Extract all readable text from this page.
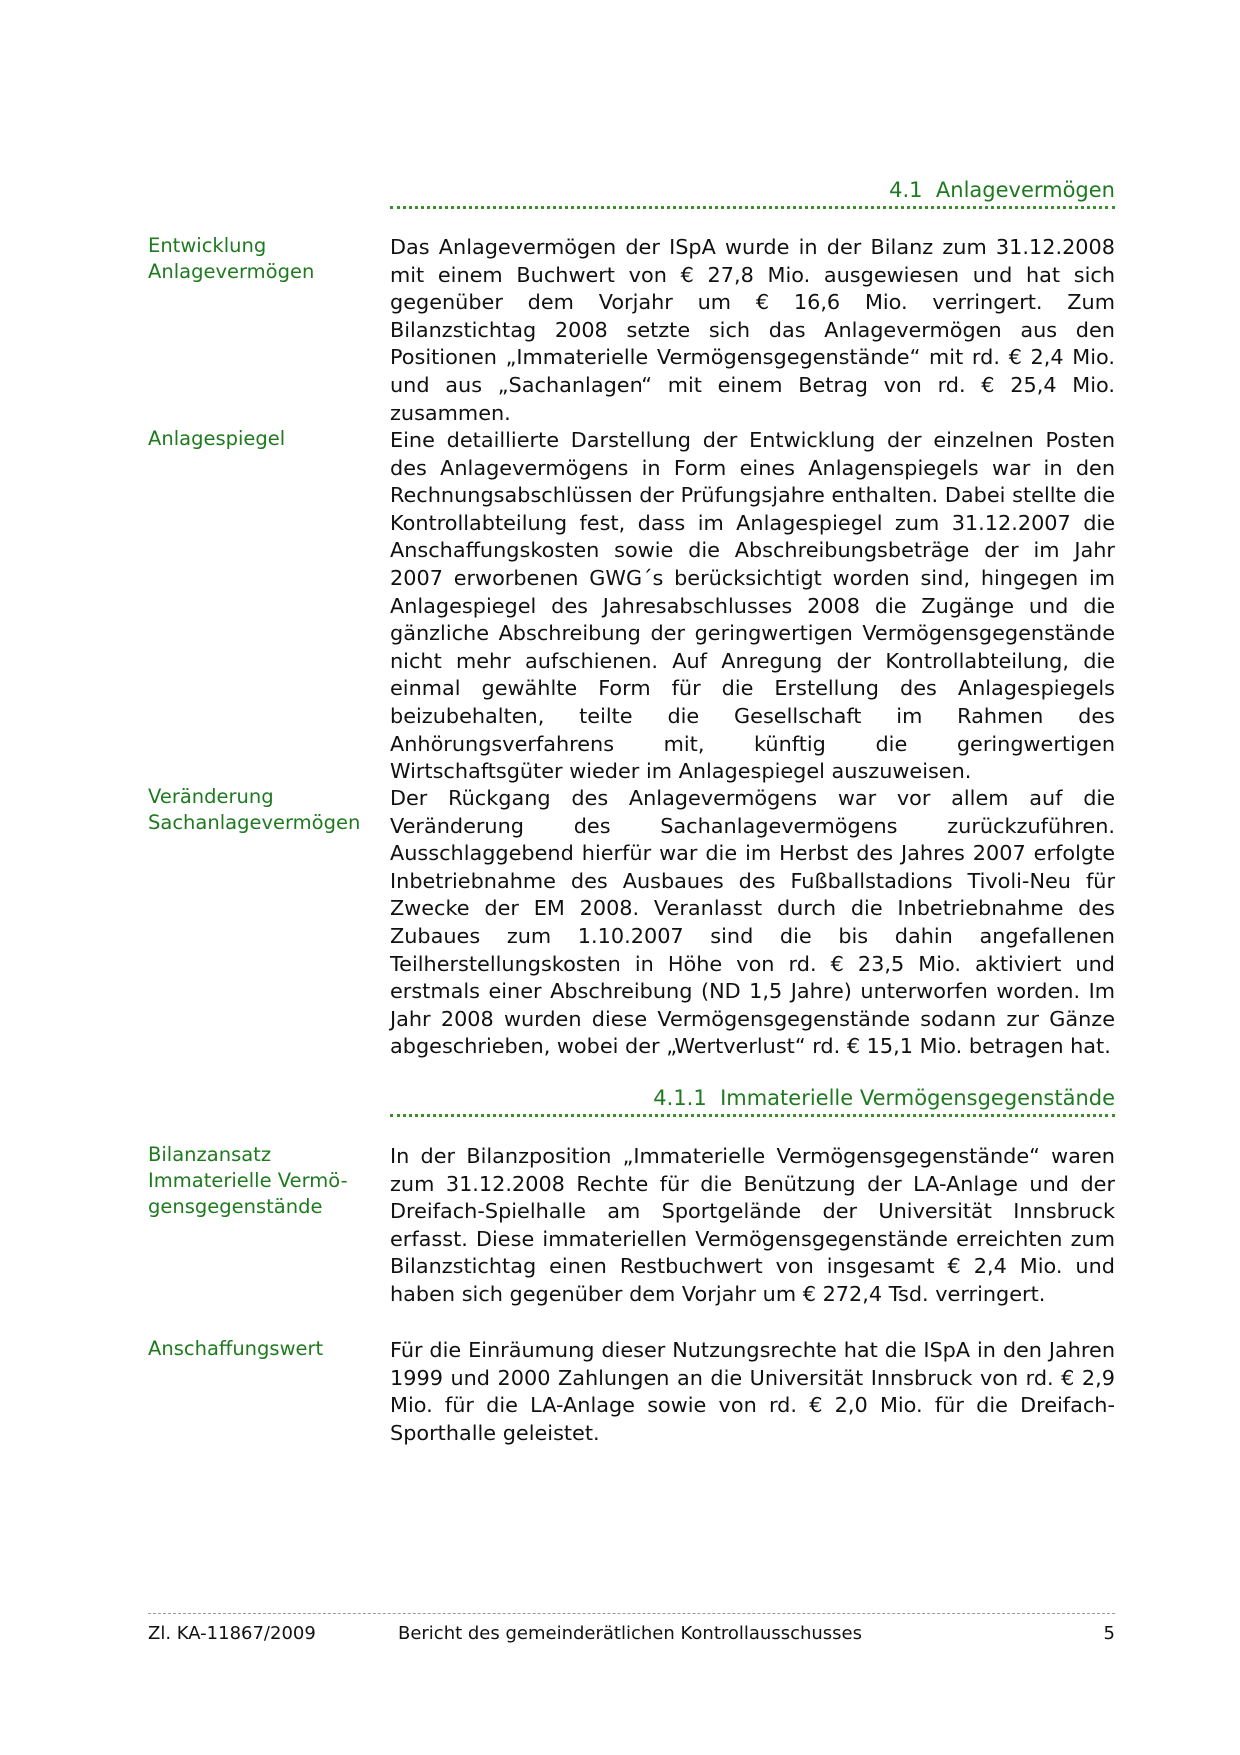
4.1 Anlagevermögen
Entwicklung
Anlagevermögen

Das Anlagevermögen der ISpA wurde in der Bilanz zum 31.12.2008 mit einem Buchwert von € 27,8 Mio. ausgewiesen und hat sich gegenüber dem Vorjahr um € 16,6 Mio. verringert. Zum Bilanzstichtag 2008 setzte sich das Anlagevermögen aus den Positionen „Immaterielle Vermögensgegenstände“ mit rd. € 2,4 Mio. und aus „Sachanlagen“ mit einem Betrag von rd. € 25,4 Mio. zusammen.

Anlagespiegel	Eine detaillierte Darstellung der Entwicklung der einzelnen Posten des Anlagevermögens in Form eines Anlagenspiegels war in den Rechnungsabschlüssen der Prüfungsjahre enthalten. Dabei stellte die Kontrollabteilung fest, dass im Anlagespiegel zum 31.12.2007 die Anschaffungskosten sowie die Abschreibungsbeträge der im Jahr 2007 erworbenen GWG´s berücksichtigt worden sind, hingegen im Anlagespiegel des Jahresabschlusses 2008 die Zugänge und die gänzliche Abschreibung der geringwertigen Vermögensgegenstände nicht mehr aufschienen. Auf Anregung der Kontrollabteilung, die einmal gewählte Form für die Erstellung des Anlagespiegels beizubehalten, teilte die Gesellschaft im Rahmen des Anhörungsverfahrens mit, künftig die geringwertigen Wirtschaftsgüter wieder im Anlagespiegel auszuweisen.

Veränderung
Sachanlagevermögen

Der Rückgang des Anlagevermögens war vor allem auf die Veränderung des Sachanlagevermögens zurückzuführen. Ausschlaggebend hierfür war die im Herbst des Jahres 2007 erfolgte Inbetriebnahme des Ausbaues des Fußballstadions Tivoli-Neu für Zwecke der EM 2008. Veranlasst durch die Inbetriebnahme des Zubaues zum 1.10.2007 sind die bis dahin angefallenen Teilherstellungskosten in Höhe von rd. € 23,5 Mio. aktiviert und erstmals einer Abschreibung (ND 1,5 Jahre) unterworfen worden. Im Jahr 2008 wurden diese Vermögensgegenstände sodann zur Gänze abgeschrieben, wobei der „Wertverlust“ rd. € 15,1 Mio. betragen hat.

4.1.1 Immaterielle Vermögensgegenstände
Bilanzansatz
Immaterielle Vermö-
gensgegenstände

In der Bilanzposition „Immaterielle Vermögensgegenstände“ waren zum 31.12.2008 Rechte für die Benützung der LA-Anlage und der Dreifach-Spielhalle am Sportgelände der Universität Innsbruck erfasst. Diese immateriellen Vermögensgegenstände erreichten zum Bilanzstichtag einen Restbuchwert von insgesamt € 2,4 Mio. und haben sich gegenüber dem Vorjahr um € 272,4 Tsd. verringert.

Anschaffungswert	Für die Einräumung dieser Nutzungsrechte hat die ISpA in den Jahren 1999 und 2000 Zahlungen an die Universität Innsbruck von rd. € 2,9 Mio. für die LA-Anlage sowie von rd. € 2,0 Mio. für die Dreifach-Sporthalle geleistet.

Zl. KA-11867/2009	Bericht des gemeinderätlichen Kontrollausschusses	5
